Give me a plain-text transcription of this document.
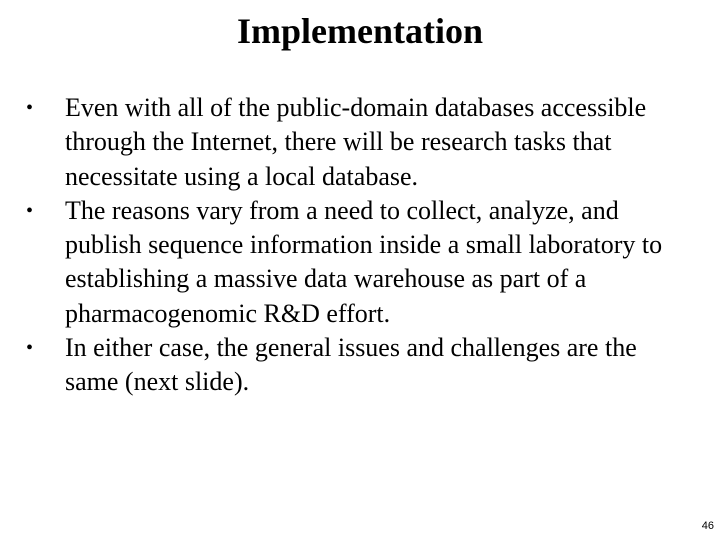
Implementation
• Even with all of the public-domain databases accessible through the Internet, there will be research tasks that necessitate using a local database.
• The reasons vary from a need to collect, analyze, and publish sequence information inside a small laboratory to establishing a massive data warehouse as part of a pharmacogenomic R&D effort.
• In either case, the general issues and challenges are the same (next slide).
46
